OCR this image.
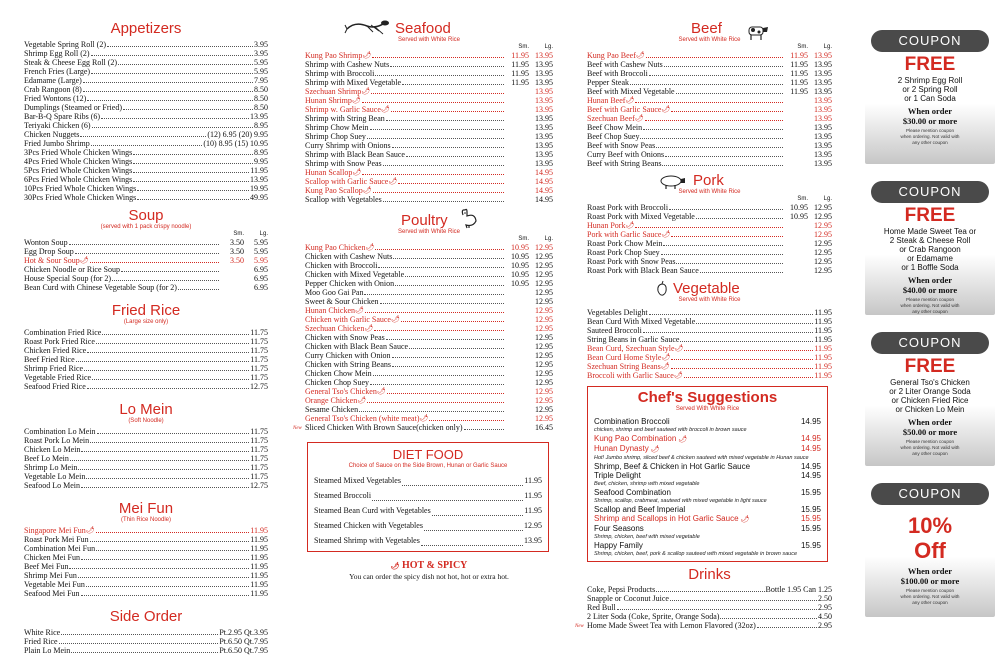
Appetizers
Vegetable Spring Roll (2)	3.95
Shrimp Egg Roll (2)	3.95
Steak & Cheese Egg Roll (2)	5.95
French Fries (Large)	5.95
Edamame (Large)	7.95
Crab Rangoon (8)	8.50
Fried Wontons (12)	8.50
Dumplings (Steamed or Fried)	8.50
Bar-B-Q Spare Ribs (6)	13.95
Teriyaki Chicken (6)	8.95
Chicken Nuggets	(12) 6.95 (20) 9.95
Fried Jumbo Shrimp	(10) 8.95 (15) 10.95
3Pcs Fried Whole Chicken Wings	8.95
4Pcs Fried Whole Chicken Wings	9.95
5Pcs Fried Whole Chicken Wings	11.95
6Pcs Fried Whole Chicken Wings	13.95
10Pcs Fried Whole Chicken Wings	19.95
30Pcs Fried Whole Chicken Wings	49.95
Soup
(served with 1 pack crispy noodle)
Sm.	Lg.
Wonton Soup	3.50	5.95
Egg Drop Soup	3.50	5.95
Hot & Sour Soup 🌶	3.50	5.95
Chicken Noodle or Rice Soup	6.95
House Special Soup (for 2)	6.95
Bean Curd with Chinese Vegetable Soup (for 2)	6.95
Fried Rice
(Large size only)
Combination Fried Rice	11.75
Roast Pork Fried Rice	11.75
Chicken Fried Rice	11.75
Beef Fried Rice	11.75
Shrimp Fried Rice	11.75
Vegetable Fried Rice	11.75
Seafood Fried Rice	12.75
Lo Mein
(Soft Noodle)
Combination Lo Mein	11.75
Roast Pork Lo Mein	11.75
Chicken Lo Mein	11.75
Beef Lo Mein	11.75
Shrimp Lo Mein	11.75
Vegetable Lo Mein	11.75
Seafood Lo Mein	12.75
Mei Fun
(Thin Rice Noodle)
Singapore Mei Fun 🌶	11.95
Roast Pork Mei Fun	11.95
Combination Mei Fun	11.95
Chicken Mei Fun	11.95
Beef Mei Fun	11.95
Shrimp Mei Fun	11.95
Vegetable Mei Fun	11.95
Seafood Mei Fun	11.95
Side Order
White Rice	Pt.2.95 Qt.3.95
Fried Rice	Pt.6.50 Qt.7.95
Plain Lo Mein	Pt.6.50 Qt.7.95
Seafood
Served with White Rice
Sm.	Lg.
Kung Pao Shrimp 🌶	11.95 13.95
Shrimp with Cashew Nuts	11.95 13.95
Shrimp with Broccoli	11.95 13.95
Shrimp with Mixed Vegetable	11.95 13.95
Szechuan Shrimp 🌶	13.95
Hunan Shrimp 🌶	13.95
Shrimp w. Garlic Sauce 🌶	13.95
Shrimp with String Bean	13.95
Shrimp Chow Mein	13.95
Shrimp Chop Suey	13.95
Curry Shrimp with Onions	13.95
Shrimp with Black Bean Sauce	13.95
Shrimp with Snow Peas	13.95
Hunan Scallop 🌶	14.95
Scallop with Garlic Sauce 🌶	14.95
Kung Pao Scallop 🌶	14.95
Scallop with Vegetables	14.95
Poultry
Served with White Rice
Sm.	Lg.
Kung Pao Chicken 🌶	10.95 12.95
Chicken with Cashew Nuts	10.95 12.95
Chicken with Broccoli	10.95 12.95
Chicken with Mixed Vegetable	10.95 12.95
Pepper Chicken with Onion	10.95 12.95
Moo Goo Gai Pan	12.95
Sweet & Sour Chicken	12.95
Hunan Chicken 🌶	12.95
Chicken with Garlic Sauce 🌶	12.95
Szechuan Chicken 🌶	12.95
Chicken with Snow Peas	12.95
Chicken with Black Bean Sauce	12.95
Curry Chicken with Onion	12.95
Chicken with String Beans	12.95
Chicken Chow Mein	12.95
Chicken Chop Suey	12.95
General Tso's Chicken 🌶	12.95
Orange Chicken 🌶	12.95
Sesame Chicken	12.95
General Tso's Chicken (white meat) 🌶	12.95
Sliced Chicken With Brown Sauce(chicken only)	16.45
New
DIET FOOD
Choice of Sauce on the Side Brown, Hunan or Garlic Sauce
Steamed Mixed Vegetables	11.95
Steamed Broccoli	11.95
Steamed Bean Curd with Vegetables	11.95
Steamed Chicken with Vegetables	12.95
Steamed Shrimp with Vegetables	13.95
🌶 HOT & SPICY
You can order the spicy dish not hot, hot or extra hot.
Beef
Served with White Rice
Sm.	Lg.
Kung Pao Beef 🌶	11.95 13.95
Beef with Cashew Nuts	11.95 13.95
Beef with Broccoli	11.95 13.95
Pepper Steak	11.95 13.95
Beef with Mixed Vegetable	11.95 13.95
Hunan Beef 🌶	13.95
Beef with Garlic Sauce 🌶	13.95
Szechuan Beef 🌶	13.95
Beef Chow Mein	13.95
Beef Chop Suey	13.95
Beef with Snow Peas	13.95
Curry Beef with Onions	13.95
Beef with String Beans	13.95
Pork
Served with White Rice
Sm.	Lg.
Roast Pork with Broccoli	10.95 12.95
Roast Pork with Mixed Vegetable	10.95 12.95
Hunan Pork 🌶	12.95
Pork with Garlic Sauce 🌶	12.95
Roast Pork Chow Mein	12.95
Roast Pork Chop Suey	12.95
Roast Pork with Snow Peas	12.95
Roast Pork with Black Bean Sauce	12.95
Vegetable
Served with White Rice
Vegetables Delight	11.95
Bean Curd With Mixed Vegetable	11.95
Sauteed Broccoli	11.95
String Beans in Garlic Sauce	11.95
Bean Curd, Szechuan Style 🌶	11.95
Bean Curd Home Style 🌶	11.95
Szechuan String Beans 🌶	11.95
Broccoli with Garlic Sauce 🌶	11.95
Chef's Suggestions
Served With White Rice
Combination Broccoli	14.95
chicken, shrimp and beef sauteed with broccoli in brown sauce
Kung Pao Combination 🌶	14.95
Hunan Dynasty 🌶	14.95
Hot! Jumbo shrimp, sliced beef & chicken sauteed with mixed vegetable in Hunan sauce
Shrimp, Beef & Chicken in Hot Garlic Sauce	14.95
Triple Delight	14.95
Beef, chicken, shrimp with mixed vegetable
Seafood Combination	15.95
Shrimp, scallop, crabmeat, sauteed with mixed vegetable in light sauce
Scallop and Beef Imperial	15.95
Shrimp and Scallops in Hot Garlic Sauce 🌶	15.95
Four Seasons	15.95
Shrimp, chicken, beef with mixed vegetable
Happy Family	15.95
Shrimp, chicken, beef, pork & scallop sauteed with mixed vegetable in brown sauce
Drinks
Coke, Pepsi Products	Bottle 1.95 Can 1.25
Snapple or Coconut Juice	2.50
Red Bull	2.95
2 Liter Soda (Coke, Sprite, Orange Soda)	4.50
Home Made Sweet Tea with Lemon Flavored (32oz)	2.95
New
COUPON
FREE
2 Shrimp Egg Roll
or 2 Spring Roll
or 1 Can Soda
When order
$30.00 or more
Please mention coupon
when ordering. Not valid with
any other coupon
COUPON
FREE
Home Made Sweet Tea or
2 Steak & Cheese Roll
or Crab Rangoon
or Edamame
or 1 Boffle Soda
When order
$40.00 or more
Please mention coupon
when ordering. Not valid with
any other coupon
COUPON
FREE
General Tso's Chicken
or 2 Liter Orange Soda
or Chicken Fried Rice
or Chicken Lo Mein
When order
$50.00 or more
Please mention coupon
when ordering. Not valid with
any other coupon
COUPON
10%
Off
When order
$100.00 or more
Please mention coupon
when ordering. Not valid with
any other coupon
